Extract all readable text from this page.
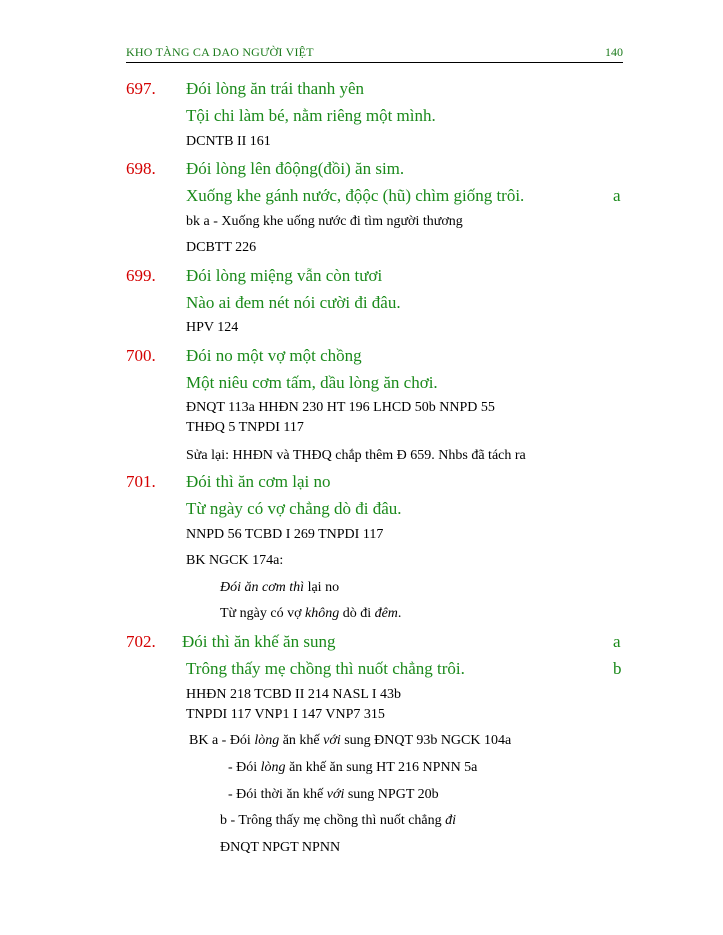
KHO TÀNG CA DAO NGƯỜI VIỆT	140
697. Đói lòng ăn trái thanh yên
Tội chi làm bé, nằm riêng một mình.
DCNTB II 161
698. Đói lòng lên đôộng(đồi) ăn sim.
Xuống khe gánh nước, độộc (hũ) chìm giống trôi.	a
bk a - Xuống khe uống nước đi tìm người thương
DCBTT 226
699. Đói lòng miệng vẫn còn tươi
Nào ai đem nét nói cười đi đâu.
HPV 124
700. Đói no một vợ một chồng
Một niêu cơm tấm, dầu lòng ăn chơi.
ĐNQT 113a HHĐN 230 HT 196 LHCD 50b NNPD 55
THĐQ 5 TNPDI 117
Sửa lại: HHĐN và THĐQ chắp thêm Đ 659. Nhbs đã tách ra
701. Đói thì ăn cơm lại no
Từ ngày có vợ chẳng dò đi đâu.
NNPD 56 TCBD I 269 TNPDI 117
BK NGCK 174a:
Đói ăn cơm thì lại no
Từ ngày có vợ không dò đi đêm.
702. Đói thì ăn khế ăn sung	a
Trông thấy mẹ chồng thì nuốt chẳng trôi.	b
HHĐN 218 TCBD II 214 NASL I 43b
TNPDI 117 VNP1 I 147 VNP7 315
BK a - Đói lòng ăn khế với sung ĐNQT 93b NGCK 104a
- Đói lòng ăn khế ăn sung HT 216 NPNN 5a
- Đói thời ăn khế với sung NPGT 20b
b - Trông thấy mẹ chồng thì nuốt chẳng đi
ĐNQT NPGT NPNN
